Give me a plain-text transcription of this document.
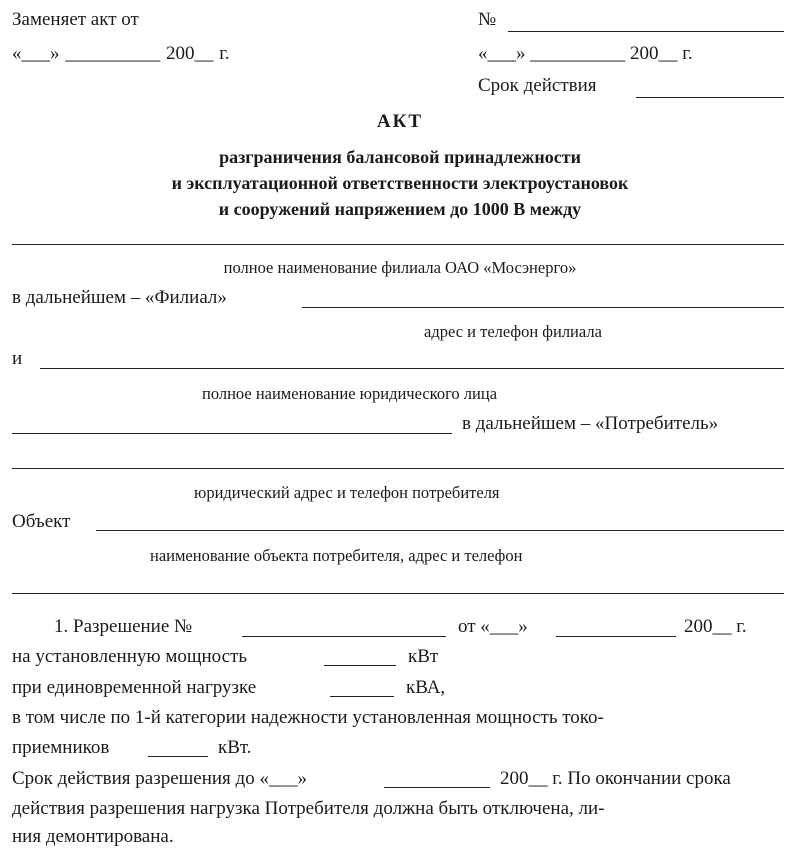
Заменяет акт от
«___» __________ 200__ г.
№
«___» __________ 200__ г.
Срок действия
АКТ
разграничения балансовой принадлежности
и эксплуатационной ответственности электроустановок
и сооружений напряжением до 1000 В между
полное наименование филиала ОАО «Мосэнерго»
в дальнейшем – «Филиал»
адрес и телефон филиала
и
полное наименование юридического лица
в дальнейшем – «Потребитель»
юридический адрес и телефон потребителя
Объект
наименование объекта потребителя, адрес и телефон
1. Разрешение №	от «___»	200__ г.
на установленную мощность	кВт
при единовременной нагрузке	кВА,
в том числе по 1-й категории надежности установленная мощность токо-
приемников	кВт.
Срок действия разрешения до «___»	200__ г. По окончании срока
действия разрешения нагрузка Потребителя должна быть отключена, ли-
ния демонтирована.
